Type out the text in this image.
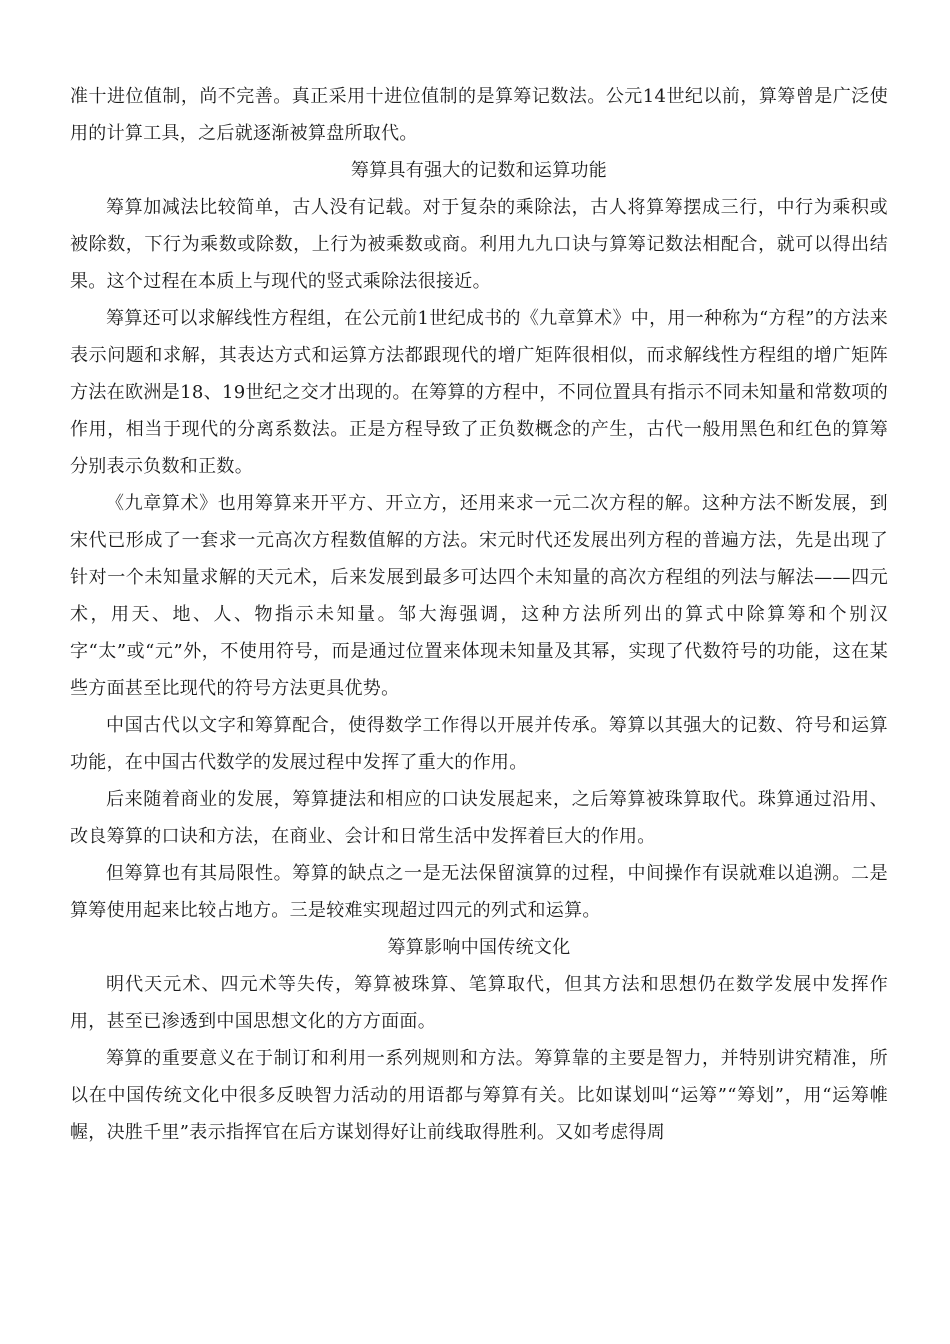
准十进位值制，尚不完善。真正采用十进位值制的是算筹记数法。公元14世纪以前，算筹曾是广泛使用的计算工具，之后就逐渐被算盘所取代。

筹算具有强大的记数和运算功能

筹算加减法比较简单，古人没有记载。对于复杂的乘除法，古人将算筹摆成三行，中行为乘积或被除数，下行为乘数或除数，上行为被乘数或商。利用九九口诀与算筹记数法相配合，就可以得出结果。这个过程在本质上与现代的竖式乘除法很接近。

筹算还可以求解线性方程组，在公元前1世纪成书的《九章算术》中，用一种称为“方程”的方法来表示问题和求解，其表达方式和运算方法都跟现代的增广矩阵很相似，而求解线性方程组的增广矩阵方法在欧洲是18、19世纪之交才出现的。在筹算的方程中，不同位置具有指示不同未知量和常数项的作用，相当于现代的分离系数法。正是方程导致了正负数概念的产生，古代一般用黑色和红色的算筹分别表示负数和正数。

《九章算术》也用筹算来开平方、开立方，还用来求一元二次方程的解。这种方法不断发展，到宋代已形成了一套求一元高次方程数值解的方法。宋元时代还发展出列方程的普遍方法，先是出现了针对一个未知量求解的天元术，后来发展到最多可达四个未知量的高次方程组的列法与解法——四元术，用天、地、人、物指示未知量。邹大海强调，这种方法所列出的算式中除算筹和个别汉字“太”或“元”外，不使用符号，而是通过位置来体现未知量及其幂，实现了代数符号的功能，这在某些方面甚至比现代的符号方法更具优势。

中国古代以文字和筹算配合，使得数学工作得以开展并传承。筹算以其强大的记数、符号和运算功能，在中国古代数学的发展过程中发挥了重大的作用。

后来随着商业的发展，筹算捷法和相应的口诀发展起来，之后筹算被珠算取代。珠算通过沿用、改良筹算的口诀和方法，在商业、会计和日常生活中发挥着巨大的作用。

但筹算也有其局限性。筹算的缺点之一是无法保留演算的过程，中间操作有误就难以追溯。二是算筹使用起来比较占地方。三是较难实现超过四元的列式和运算。

筹算影响中国传统文化

明代天元术、四元术等失传，筹算被珠算、笔算取代，但其方法和思想仍在数学发展中发挥作用，甚至已渗透到中国思想文化的方方面面。

筹算的重要意义在于制订和利用一系列规则和方法。筹算靠的主要是智力，并特别讲究精准，所以在中国传统文化中很多反映智力活动的用语都与筹算有关。比如谋划叫“运筹”“筹划”，用“运筹帷幄，决胜千里”表示指挥官在后方谋划得好让前线取得胜利。又如考虑得周
